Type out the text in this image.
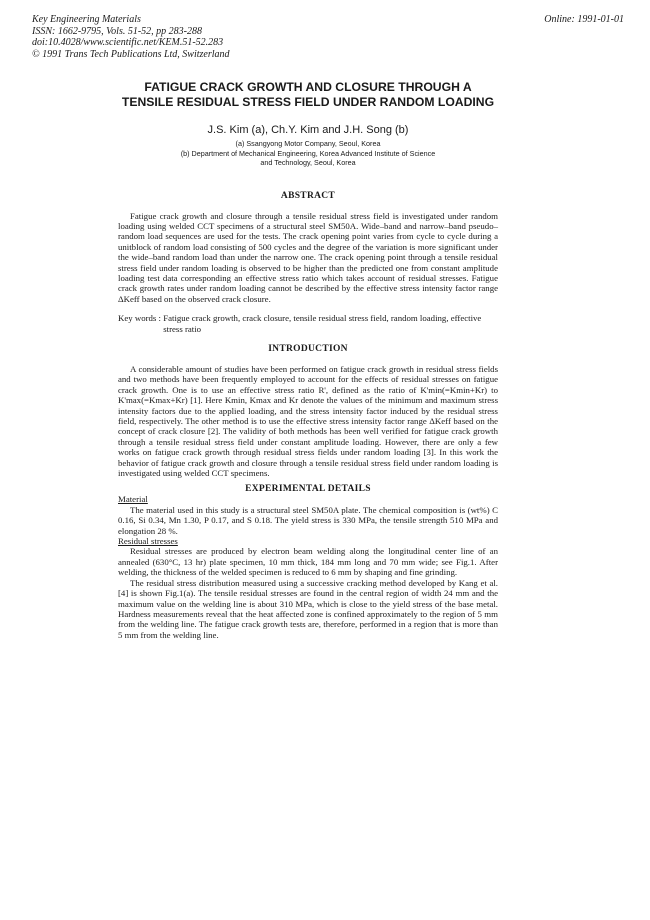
Key Engineering Materials
ISSN: 1662-9795, Vols. 51-52, pp 283-288
doi:10.4028/www.scientific.net/KEM.51-52.283
© 1991 Trans Tech Publications Ltd, Switzerland
Online: 1991-01-01
FATIGUE CRACK GROWTH AND CLOSURE THROUGH A TENSILE RESIDUAL STRESS FIELD UNDER RANDOM LOADING
J.S. Kim (a), Ch.Y. Kim and J.H. Song (b)
(a) Ssangyong Motor Company, Seoul, Korea
(b) Department of Mechanical Engineering, Korea Advanced Institute of Science
and Technology, Seoul, Korea
ABSTRACT

Fatigue crack growth and closure through a tensile residual stress field is investigated under random loading using welded CCT specimens of a structural steel SM50A. Wide–band and narrow–band pseudo–random load sequences are used for the tests. The crack opening point varies from cycle to cycle during a unitblock of random load consisting of 500 cycles and the degree of the variation is more significant under the wide–band random load than under the narrow one. The crack opening point through a tensile residual stress field under random loading is observed to be higher than the predicted one from constant amplitude loading test data corresponding an effective stress ratio which takes account of residual stresses. Fatigue crack growth rates under random loading cannot be described by the effective stress intensity factor range ΔKeff based on the observed crack closure.

Key words : Fatigue crack growth, crack closure, tensile residual stress field, random loading, effective stress ratio
INTRODUCTION

A considerable amount of studies have been performed on fatigue crack growth in residual stress fields and two methods have been frequently employed to account for the effects of residual stresses on fatigue crack growth. One is to use an effective stress ratio R', defined as the ratio of K'min(=Kmin+Kr) to K'max(=Kmax+Kr) [1]. Here Kmin, Kmax and Kr denote the values of the minimum and maximum stress intensity factors due to the applied loading, and the stress intensity factor induced by the residual stress field, respectively. The other method is to use the effective stress intensity factor range ΔKeff based on the concept of crack closure [2]. The validity of both methods has been well verified for fatigue crack growth through a tensile residual stress field under constant amplitude loading. However, there are only a few works on fatigue crack growth through residual stress fields under random loading [3]. In this work the behavior of fatigue crack growth and closure through a tensile residual stress field under random loading is investigated using welded CCT specimens.

EXPERIMENTAL DETAILS

Material

The material used in this study is a structural steel SM50A plate. The chemical composition is (wt%) C 0.16, Si 0.34, Mn 1.30, P 0.17, and S 0.18. The yield stress is 330 MPa, the tensile strength 510 MPa and elongation 28 %.

Residual stresses

Residual stresses are produced by electron beam welding along the longitudinal center line of an annealed (630°C, 13 hr) plate specimen, 10 mm thick, 184 mm long and 70 mm wide; see Fig.1. After welding, the thickness of the welded specimen is reduced to 6 mm by shaping and fine grinding.

The residual stress distribution measured using a successive cracking method developed by Kang et al.[4] is shown Fig.1(a). The tensile residual stresses are found in the central region of width 24 mm and the maximum value on the welding line is about 310 MPa, which is close to the yield stress of the base metal. Hardness measurements reveal that the heat affected zone is confined approximately to the region of 5 mm from the welding line. The fatigue crack growth tests are, therefore, performed in a region that is more than 5 mm from the welding line.
